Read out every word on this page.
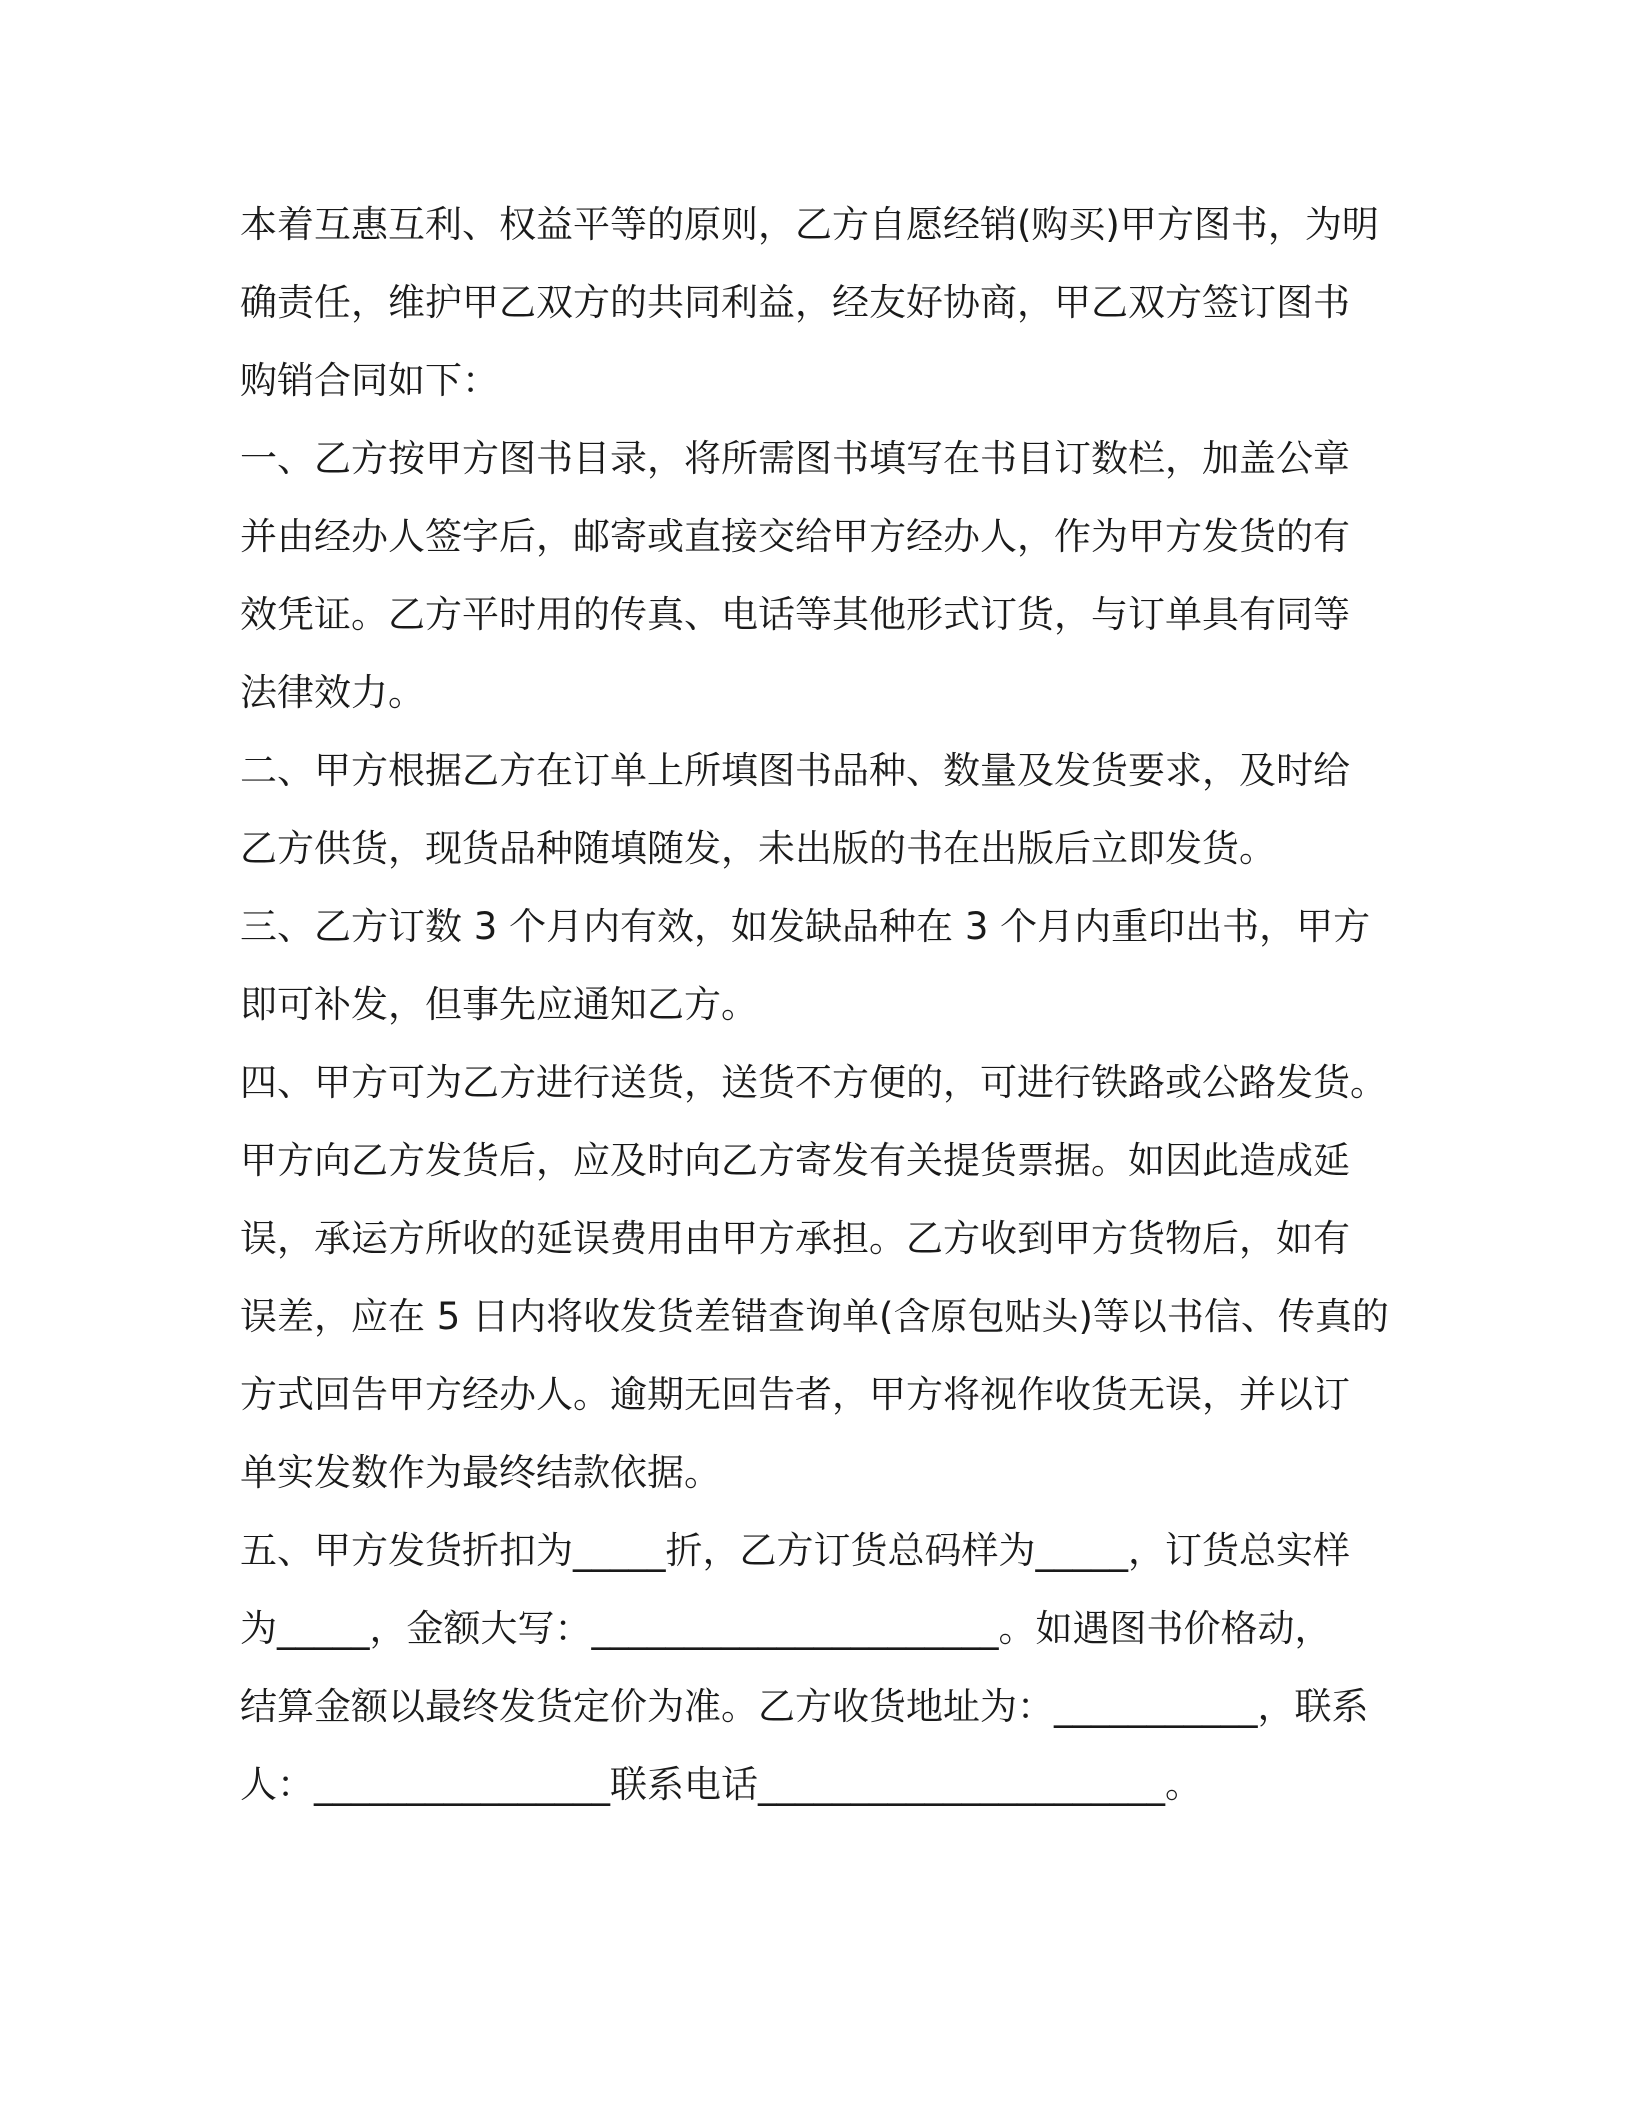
本着互惠互利、权益平等的原则，乙方自愿经销(购买)甲方图书，为明
确责任，维护甲乙双方的共同利益，经友好协商，甲乙双方签订图书
购销合同如下：
一、乙方按甲方图书目录，将所需图书填写在书目订数栏，加盖公章
并由经办人签字后，邮寄或直接交给甲方经办人，作为甲方发货的有
效凭证。乙方平时用的传真、电话等其他形式订货，与订单具有同等
法律效力。
二、甲方根据乙方在订单上所填图书品种、数量及发货要求，及时给
乙方供货，现货品种随填随发，未出版的书在出版后立即发货。
三、乙方订数 3 个月内有效，如发缺品种在 3 个月内重印出书，甲方
即可补发，但事先应通知乙方。
四、甲方可为乙方进行送货，送货不方便的，可进行铁路或公路发货。
甲方向乙方发货后，应及时向乙方寄发有关提货票据。如因此造成延
误，承运方所收的延误费用由甲方承担。乙方收到甲方货物后，如有
误差，应在 5 日内将收发货差错查询单(含原包贴头)等以书信、传真的
方式回告甲方经办人。逾期无回告者，甲方将视作收货无误，并以订
单实发数作为最终结款依据。
五、甲方发货折扣为_____折，乙方订货总码样为_____，订货总实样
为_____，金额大写：______________________。如遇图书价格动，
结算金额以最终发货定价为准。乙方收货地址为：___________，联系
人：________________联系电话______________________。
